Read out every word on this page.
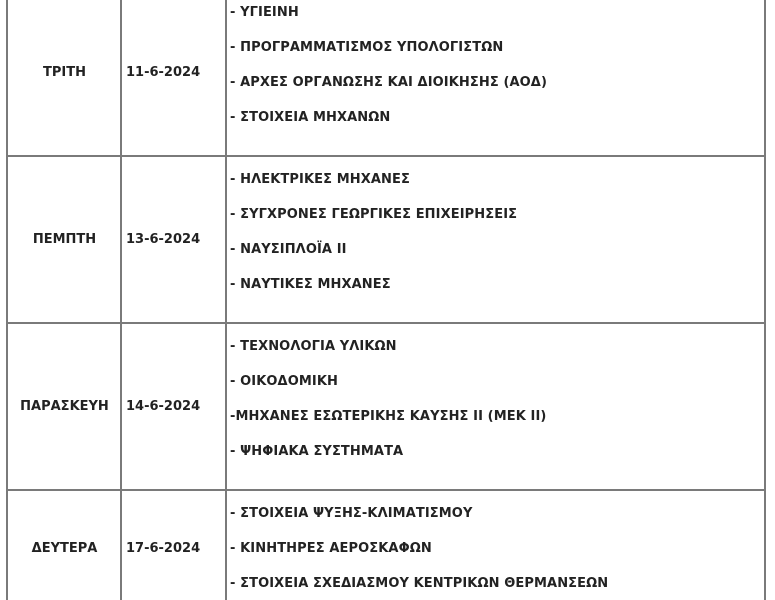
ΤΡΙΤΗ	11-6-2024
- ΥΓΙΕΙΝΗ
- ΠΡΟΓΡΑΜΜΑΤΙΣΜΟΣ ΥΠΟΛΟΓΙΣΤΩΝ
- ΑΡΧΕΣ ΟΡΓΑΝΩΣΗΣ ΚΑΙ ΔΙΟΙΚΗΣΗΣ (ΑΟΔ)
- ΣΤΟΙΧΕΙΑ ΜΗΧΑΝΩΝ
ΠΕΜΠΤΗ	13-6-2024
- ΗΛΕΚΤΡΙΚΕΣ ΜΗΧΑΝΕΣ
- ΣΥΓΧΡΟΝΕΣ ΓΕΩΡΓΙΚΕΣ ΕΠΙΧΕΙΡΗΣΕΙΣ
- ΝΑΥΣΙΠΛΟΪΑ ΙΙ
- ΝΑΥΤΙΚΕΣ ΜΗΧΑΝΕΣ
ΠΑΡΑΣΚΕΥΗ	14-6-2024
- ΤΕΧΝΟΛΟΓΙΑ ΥΛΙΚΩΝ
- ΟΙΚΟΔΟΜΙΚΗ
-ΜΗΧΑΝΕΣ ΕΣΩΤΕΡΙΚΗΣ ΚΑΥΣΗΣ ΙΙ (ΜΕΚ ΙΙ)
- ΨΗΦΙΑΚΑ ΣΥΣΤΗΜΑΤΑ
ΔΕΥΤΕΡΑ	17-6-2024
- ΣΤΟΙΧΕΙΑ ΨΥΞΗΣ-ΚΛΙΜΑΤΙΣΜΟΥ
- ΚΙΝΗΤΗΡΕΣ ΑΕΡΟΣΚΑΦΩΝ
- ΣΤΟΙΧΕΙΑ ΣΧΕΔΙΑΣΜΟΥ ΚΕΝΤΡΙΚΩΝ ΘΕΡΜΑΝΣΕΩΝ
